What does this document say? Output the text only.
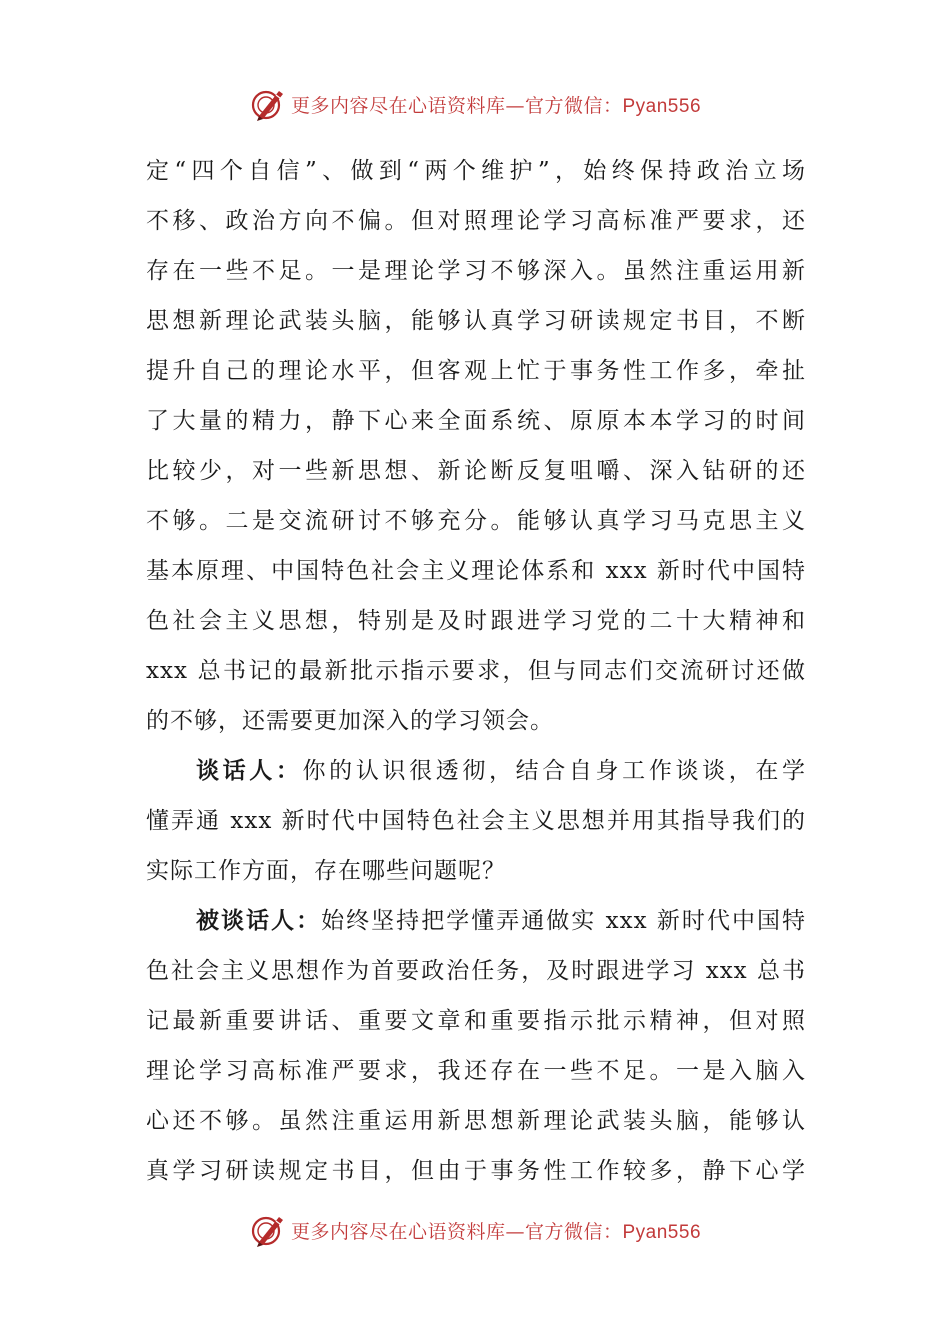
更多内容尽在心语资料库—官方微信：Pyan556
定“四个自信”、做到“两个维护”，始终保持政治立场
不移、政治方向不偏。但对照理论学习高标准严要求，还
存在一些不足。一是理论学习不够深入。虽然注重运用新
思想新理论武装头脑，能够认真学习研读规定书目，不断
提升自己的理论水平，但客观上忙于事务性工作多，牵扯
了大量的精力，静下心来全面系统、原原本本学习的时间
比较少，对一些新思想、新论断反复咀嚼、深入钻研的还
不够。二是交流研讨不够充分。能够认真学习马克思主义
基本原理、中国特色社会主义理论体系和 xxx 新时代中国特
色社会主义思想，特别是及时跟进学习党的二十大精神和
xxx 总书记的最新批示指示要求，但与同志们交流研讨还做
的不够，还需要更加深入的学习领会。
谈话人：你的认识很透彻，结合自身工作谈谈，在学
懂弄通 xxx 新时代中国特色社会主义思想并用其指导我们的
实际工作方面，存在哪些问题呢？
被谈话人：始终坚持把学懂弄通做实 xxx 新时代中国特
色社会主义思想作为首要政治任务，及时跟进学习 xxx 总书
记最新重要讲话、重要文章和重要指示批示精神，但对照
理论学习高标准严要求，我还存在一些不足。一是入脑入
心还不够。虽然注重运用新思想新理论武装头脑，能够认
真学习研读规定书目，但由于事务性工作较多，静下心学
更多内容尽在心语资料库—官方微信：Pyan556
